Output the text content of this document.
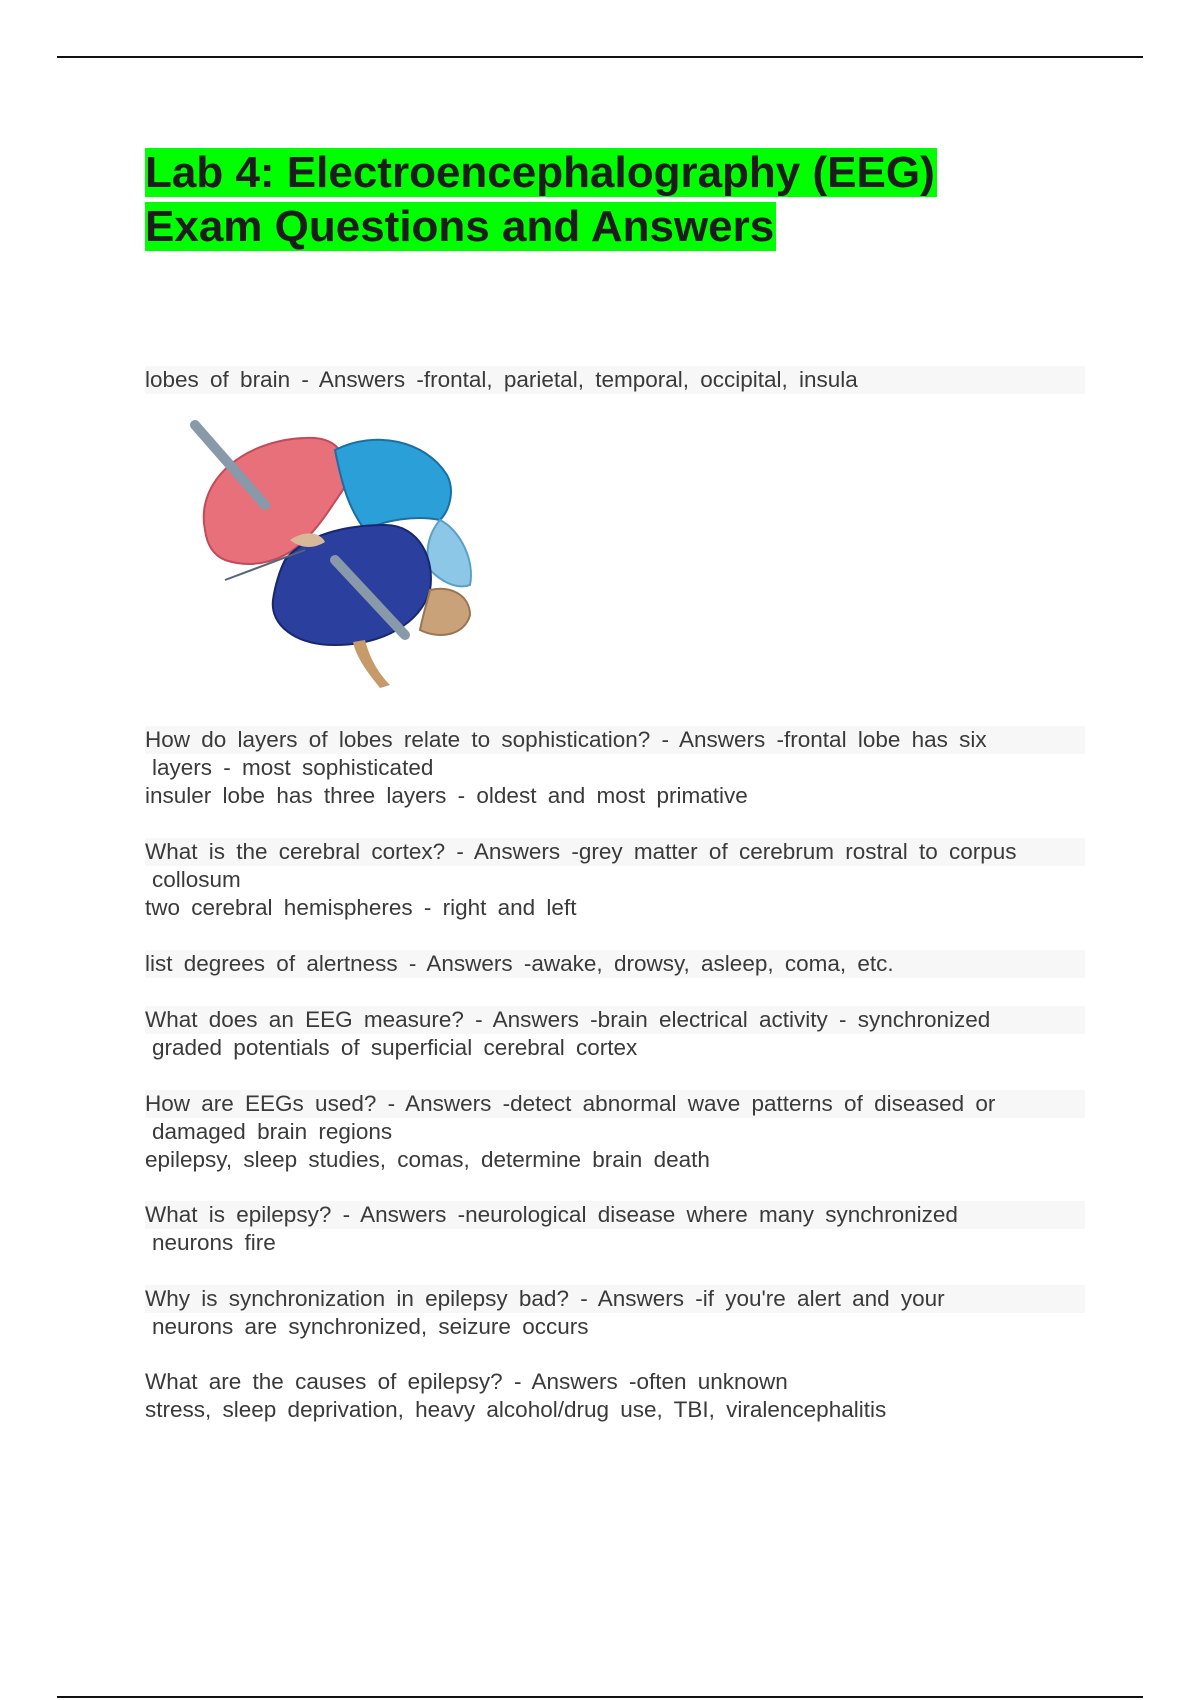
Lab 4: Electroencephalography (EEG)
Exam Questions and Answers
lobes of brain - Answers -frontal, parietal, temporal, occipital, insula
How do layers of lobes relate to sophistication? - Answers -frontal lobe has six
layers - most sophisticated
insuler lobe has three layers - oldest and most primative
What is the cerebral cortex? - Answers -grey matter of cerebrum rostral to corpus
collosum
two cerebral hemispheres - right and left
list degrees of alertness - Answers -awake, drowsy, asleep, coma, etc.
What does an EEG measure? - Answers -brain electrical activity - synchronized
graded potentials of superficial cerebral cortex
How are EEGs used? - Answers -detect abnormal wave patterns of diseased or
damaged brain regions
epilepsy, sleep studies, comas, determine brain death
What is epilepsy? - Answers -neurological disease where many synchronized
neurons fire
Why is synchronization in epilepsy bad? - Answers -if you're alert and your
neurons are synchronized, seizure occurs
What are the causes of epilepsy? - Answers -often unknown
stress, sleep deprivation, heavy alcohol/drug use, TBI, viralencephalitis
